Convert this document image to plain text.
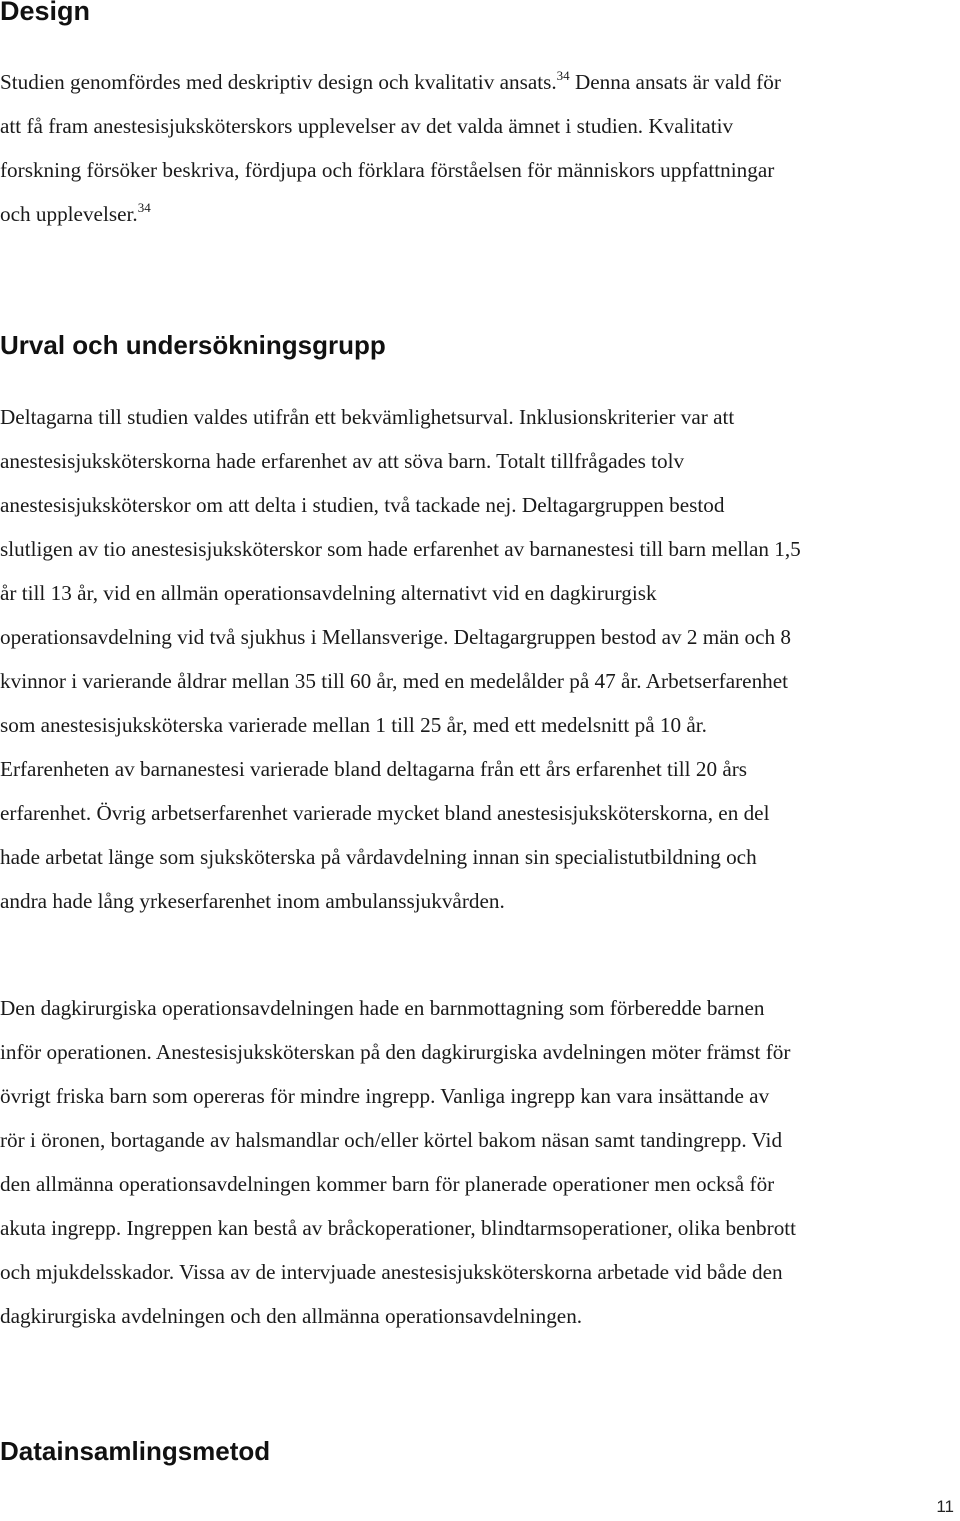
Design
Studien genomfördes med deskriptiv design och kvalitativ ansats.$^{34}$ Denna ansats är vald för
att få fram anestesisjuksköterskors upplevelser av det valda ämnet i studien. Kvalitativ
forskning försöker beskriva, fördjupa och förklara förståelsen för människors uppfattningar
och upplevelser.$^{34}$
Urval och undersökningsgrupp
Deltagarna till studien valdes utifrån ett bekvämlighetsurval. Inklusionskriterier var att
anestesisjuksköterskorna hade erfarenhet av att söva barn. Totalt tillfrågades tolv
anestesisjuksköterskor om att delta i studien, två tackade nej. Deltagargruppen bestod
slutligen av tio anestesisjuksköterskor som hade erfarenhet av barnanestesi till barn mellan 1,5
år till 13 år, vid en allmän operationsavdelning alternativt vid en dagkirurgisk
operationsavdelning vid två sjukhus i Mellansverige. Deltagargruppen bestod av 2 män och 8
kvinnor i varierande åldrar mellan 35 till 60 år, med en medelålder på 47 år. Arbetserfarenhet
som anestesisjuksköterska varierade mellan 1 till 25 år, med ett medelsnitt på 10 år.
Erfarenheten av barnanestesi varierade bland deltagarna från ett års erfarenhet till 20 års
erfarenhet. Övrig arbetserfarenhet varierade mycket bland anestesisjuksköterskorna, en del
hade arbetat länge som sjuksköterska på vårdavdelning innan sin specialistutbildning och
andra hade lång yrkeserfarenhet inom ambulanssjukvården.
Den dagkirurgiska operationsavdelningen hade en barnmottagning som förberedde barnen
inför operationen. Anestesisjuksköterskan på den dagkirurgiska avdelningen möter främst för
övrigt friska barn som opereras för mindre ingrepp. Vanliga ingrepp kan vara insättande av
rör i öronen, bortagande av halsmandlar och/eller körtel bakom näsan samt tandingrepp. Vid
den allmänna operationsavdelningen kommer barn för planerade operationer men också för
akuta ingrepp. Ingreppen kan bestå av bråckoperationer, blindtarmsoperationer, olika benbrott
och mjukdelsskador. Vissa av de intervjuade anestesisjuksköterskorna arbetade vid både den
dagkirurgiska avdelningen och den allmänna operationsavdelningen.
Datainsamlingsmetod
11
